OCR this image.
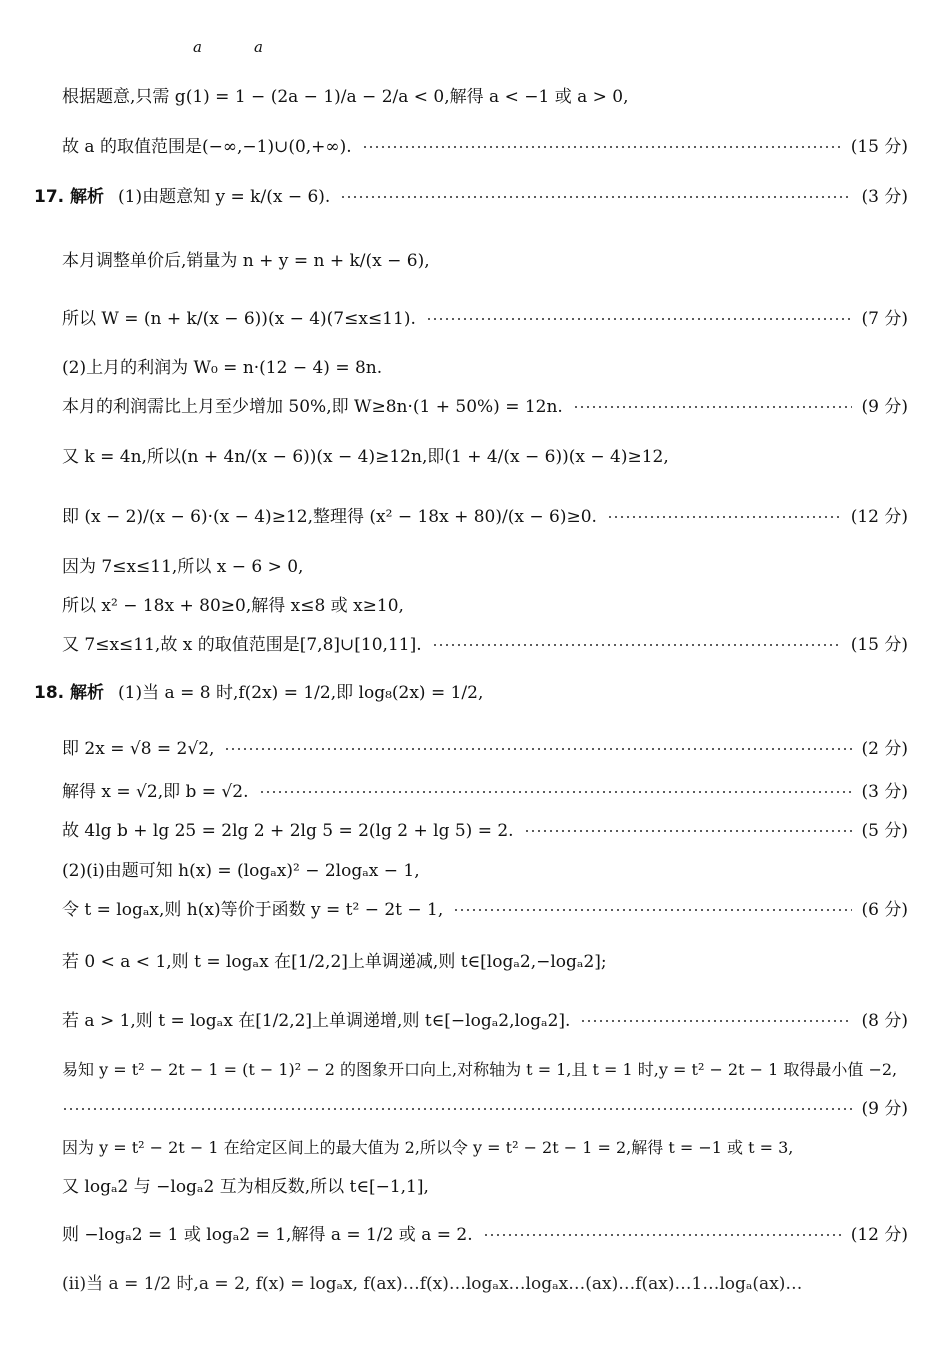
a	a
根据题意,只需 g(1) = 1 − (2a − 1)/a − 2/a < 0,解得 a < −1 或 a > 0,
故 a 的取值范围是(−∞,−1)∪(0,+∞).	(15 分)
17. 解析 (1)由题意知 y = k/(x − 6).	(3 分)
本月调整单价后,销量为 n + y = n + k/(x − 6),
所以 W = (n + k/(x − 6))(x − 4)(7≤x≤11).	(7 分)
(2)上月的利润为 W₀ = n·(12 − 4) = 8n.
本月的利润需比上月至少增加 50%,即 W≥8n·(1 + 50%) = 12n.	(9 分)
又 k = 4n,所以(n + 4n/(x − 6))(x − 4)≥12n,即(1 + 4/(x − 6))(x − 4)≥12,
即 (x − 2)/(x − 6)·(x − 4)≥12,整理得 (x² − 18x + 80)/(x − 6)≥0.	(12 分)
因为 7≤x≤11,所以 x − 6 > 0,
所以 x² − 18x + 80≥0,解得 x≤8 或 x≥10,
又 7≤x≤11,故 x 的取值范围是[7,8]∪[10,11].	(15 分)
18. 解析 (1)当 a = 8 时,f(2x) = 1/2,即 log₈(2x) = 1/2,
即 2x = √8 = 2√2,	(2 分)
解得 x = √2,即 b = √2.	(3 分)
故 4lg b + lg 25 = 2lg 2 + 2lg 5 = 2(lg 2 + lg 5) = 2.	(5 分)
(2)(ⅰ)由题可知 h(x) = (logₐx)² − 2logₐx − 1,
令 t = logₐx,则 h(x)等价于函数 y = t² − 2t − 1,	(6 分)
若 0 < a < 1,则 t = logₐx 在[1/2,2]上单调递减,则 t∈[logₐ2,−logₐ2];
若 a > 1,则 t = logₐx 在[1/2,2]上单调递增,则 t∈[−logₐ2,logₐ2].	(8 分)
易知 y = t² − 2t − 1 = (t − 1)² − 2 的图象开口向上,对称轴为 t = 1,且 t = 1 时,y = t² − 2t − 1 取得最小值 −2,
(9 分)
因为 y = t² − 2t − 1 在给定区间上的最大值为 2,所以令 y = t² − 2t − 1 = 2,解得 t = −1 或 t = 3,
又 logₐ2 与 −logₐ2 互为相反数,所以 t∈[−1,1],
则 −logₐ2 = 1 或 logₐ2 = 1,解得 a = 1/2 或 a = 2.	(12 分)
(ⅱ)当 a = 1/2 时,a = 2, f(x) = logₐx, f(ax)…f(x)…logₐx…logₐx…(ax)…f(ax)…1…logₐ(ax)…
